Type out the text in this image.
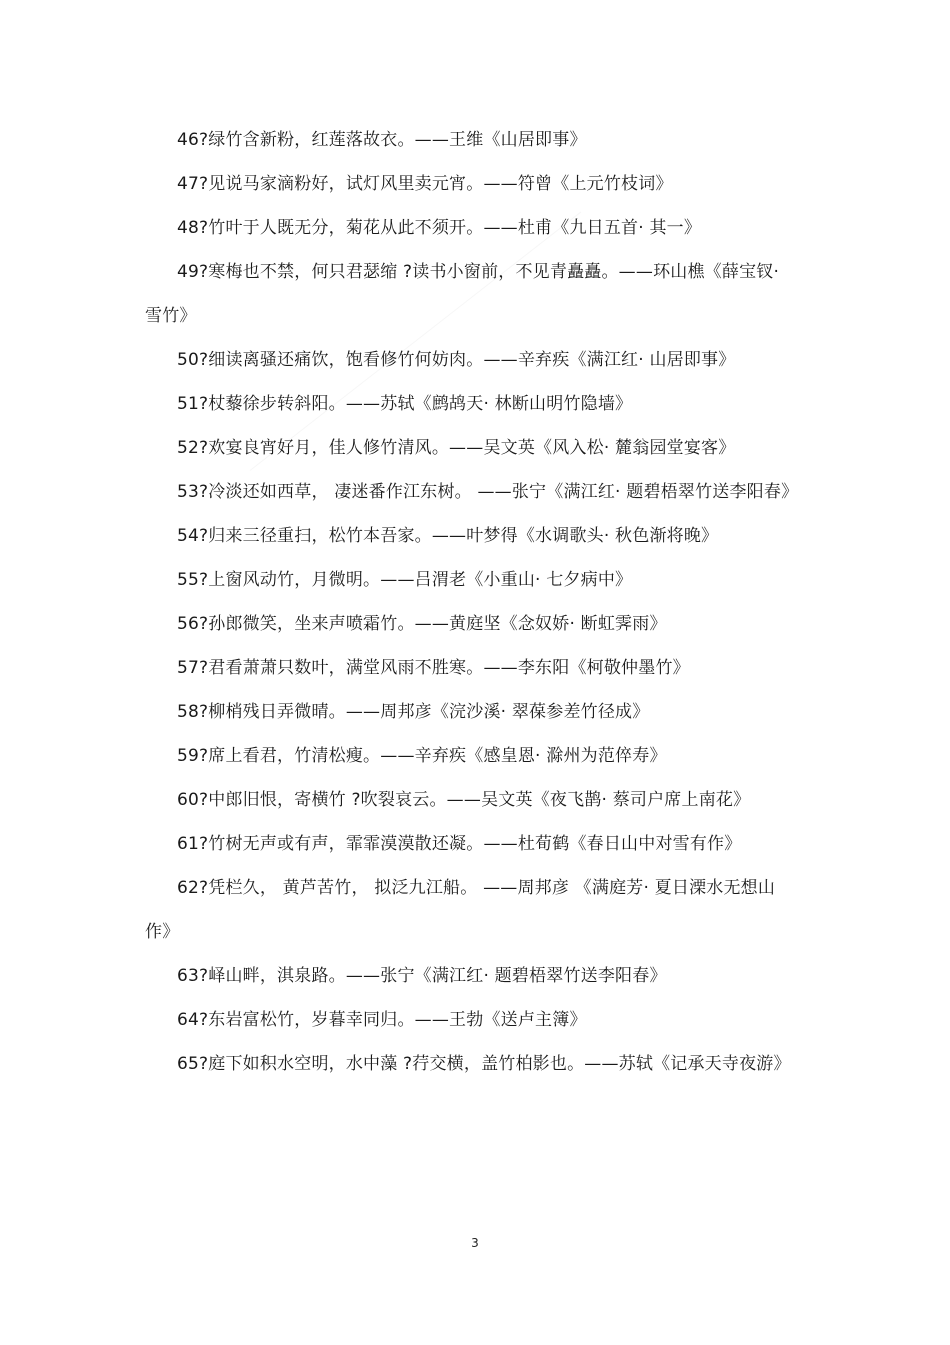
46?绿竹含新粉，红莲落故衣。——王维《山居即事》

47?见说马家滴粉好，试灯风里卖元宵。——符曾《上元竹枝词》

48?竹叶于人既无分，菊花从此不须开。——杜甫《九日五首· 其一》

49?寒梅也不禁，何只君瑟缩 ?读书小窗前，不见青矗矗。——环山樵《薛宝钗· 雪竹》

50?细读离骚还痛饮，饱看修竹何妨肉。——辛弃疾《满江红· 山居即事》

51?杖藜徐步转斜阳。——苏轼《鹧鸪天· 林断山明竹隐墙》

52?欢宴良宵好月，佳人修竹清风。——吴文英《风入松· 麓翁园堂宴客》

53?冷淡还如西草， 凄迷番作江东树。 ——张宁《满江红· 题碧梧翠竹送李阳春》

54?归来三径重扫，松竹本吾家。——叶梦得《水调歌头· 秋色渐将晚》

55?上窗风动竹，月微明。——吕渭老《小重山· 七夕病中》

56?孙郎微笑，坐来声喷霜竹。——黄庭坚《念奴娇· 断虹霁雨》

57?君看萧萧只数叶，满堂风雨不胜寒。——李东阳《柯敬仲墨竹》

58?柳梢残日弄微晴。——周邦彦《浣沙溪· 翠葆参差竹径成》

59?席上看君，竹清松瘦。——辛弃疾《感皇恩· 滁州为范倅寿》

60?中郎旧恨，寄横竹 ?吹裂哀云。——吴文英《夜飞鹊· 蔡司户席上南花》

61?竹树无声或有声，霏霏漠漠散还凝。——杜荀鹤《春日山中对雪有作》

62?凭栏久， 黄芦苦竹， 拟泛九江船。 ——周邦彦 《满庭芳· 夏日溧水无想山作》

63?峄山畔，淇泉路。——张宁《满江红· 题碧梧翠竹送李阳春》

64?东岩富松竹，岁暮幸同归。——王勃《送卢主簿》

65?庭下如积水空明，水中藻 ?荇交横，盖竹柏影也。——苏轼《记承天寺夜游》

3
